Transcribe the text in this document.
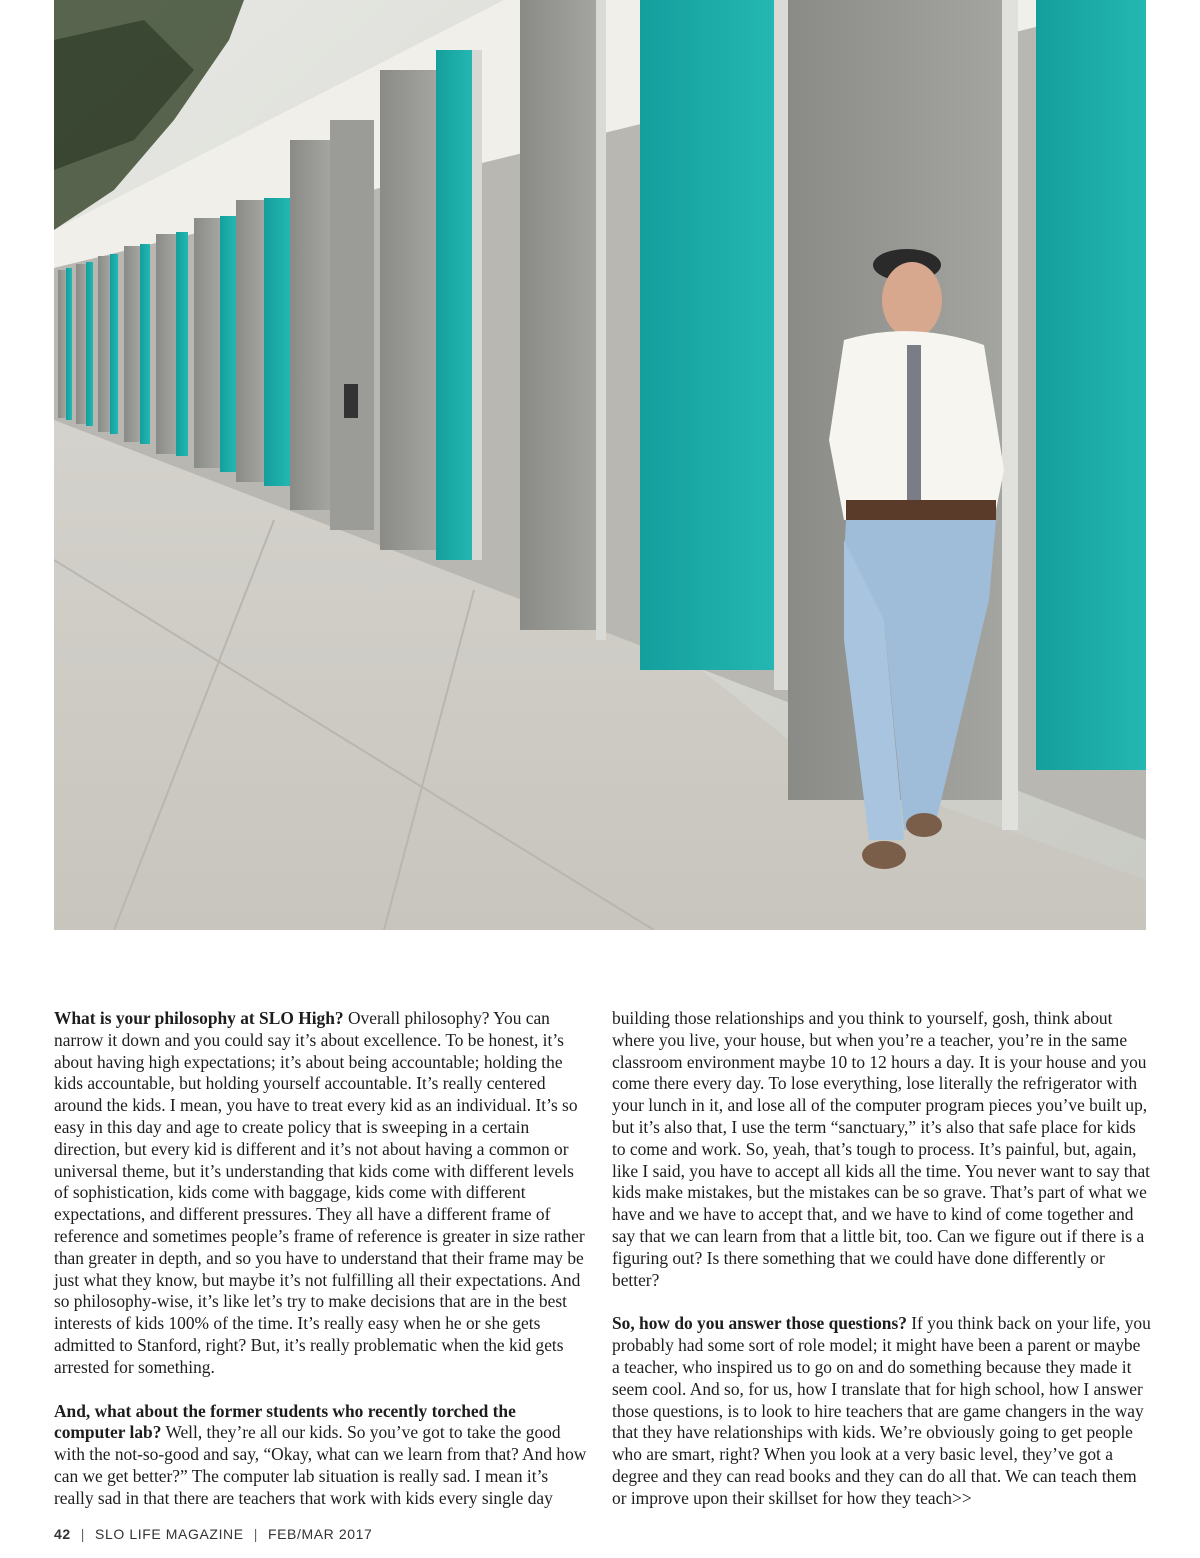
What is your philosophy at SLO High? Overall philosophy? You can narrow it down and you could say it’s about excellence. To be honest, it’s about having high expectations; it’s about being accountable; holding the kids accountable, but holding yourself accountable. It’s really centered around the kids. I mean, you have to treat every kid as an individual. It’s so easy in this day and age to create policy that is sweeping in a certain direction, but every kid is different and it’s not about having a common or universal theme, but it’s understanding that kids come with different levels of sophistication, kids come with baggage, kids come with different expectations, and different pressures. They all have a different frame of reference and sometimes people’s frame of reference is greater in size rather than greater in depth, and so you have to understand that their frame may be just what they know, but maybe it’s not fulfilling all their expectations. And so philosophy-wise, it’s like let’s try to make decisions that are in the best interests of kids 100% of the time. It’s really easy when he or she gets admitted to Stanford, right? But, it’s really problematic when the kid gets arrested for something.

And, what about the former students who recently torched the computer lab? Well, they’re all our kids. So you’ve got to take the good with the not-so-good and say, “Okay, what can we learn from that? And how can we get better?” The computer lab situation is really sad. I mean it’s really sad in that there are teachers that work with kids every single day

building those relationships and you think to yourself, gosh, think about where you live, your house, but when you’re a teacher, you’re in the same classroom environment maybe 10 to 12 hours a day. It is your house and you come there every day. To lose everything, lose literally the refrigerator with your lunch in it, and lose all of the computer program pieces you’ve built up, but it’s also that, I use the term “sanctuary,” it’s also that safe place for kids to come and work. So, yeah, that’s tough to process. It’s painful, but, again, like I said, you have to accept all kids all the time. You never want to say that kids make mistakes, but the mistakes can be so grave. That’s part of what we have and we have to accept that, and we have to kind of come together and say that we can learn from that a little bit, too. Can we figure out if there is a figuring out? Is there something that we could have done differently or better?

So, how do you answer those questions? If you think back on your life, you probably had some sort of role model; it might have been a parent or maybe a teacher, who inspired us to go on and do something because they made it seem cool. And so, for us, how I translate that for high school, how I answer those questions, is to look to hire teachers that are game changers in the way that they have relationships with kids. We’re obviously going to get people who are smart, right? When you look at a very basic level, they’ve got a degree and they can read books and they can do all that. We can teach them or improve upon their skillset for how they teach>>

42 | SLO LIFE MAGAZINE | FEB/MAR 2017
